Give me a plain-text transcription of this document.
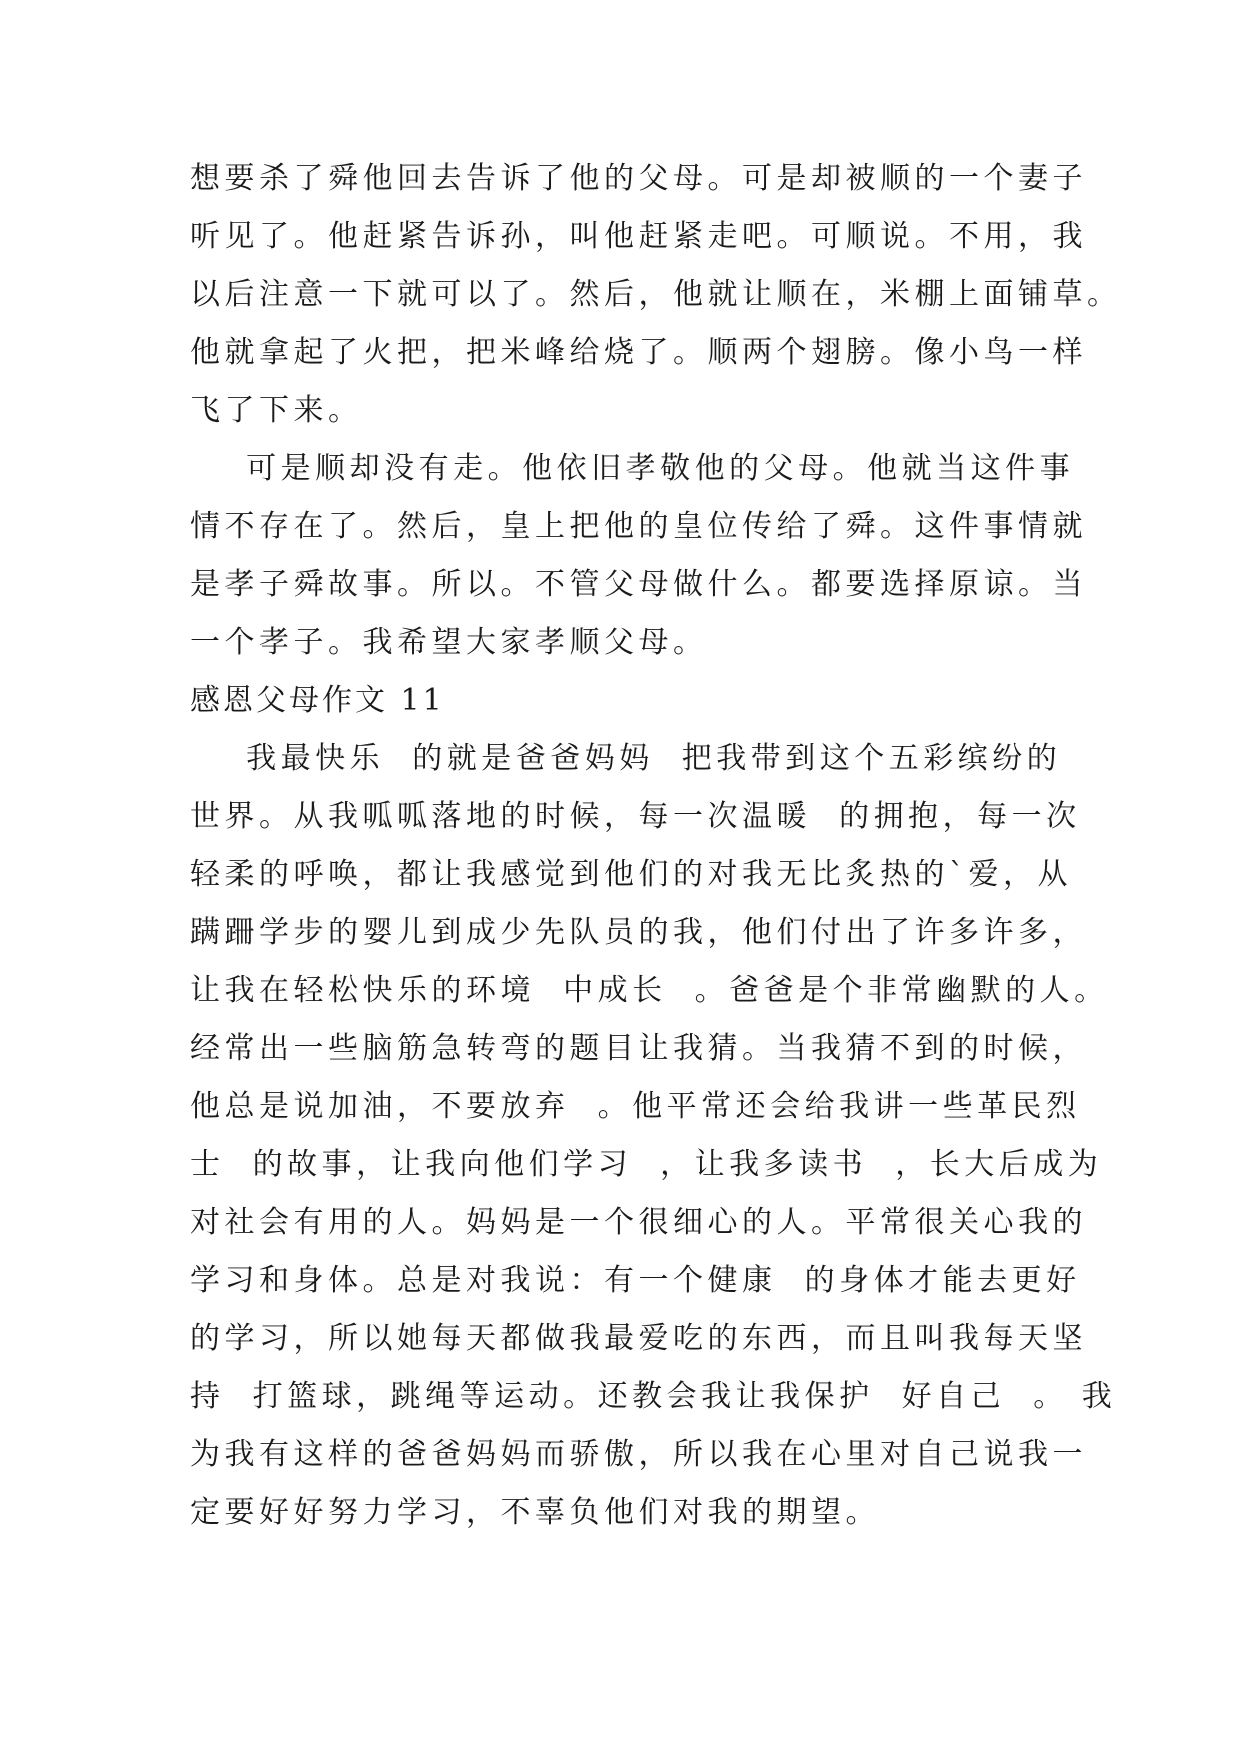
想要杀了舜他回去告诉了他的父母。可是却被顺的一个妻子
听见了。他赶紧告诉孙，叫他赶紧走吧。可顺说。不用，我
以后注意一下就可以了。然后，他就让顺在，米棚上面铺草。
他就拿起了火把，把米峰给烧了。顺两个翅膀。像小鸟一样
飞了下来。
可是顺却没有走。他依旧孝敬他的父母。他就当这件事
情不存在了。然后，皇上把他的皇位传给了舜。这件事情就
是孝子舜故事。所以。不管父母做什么。都要选择原谅。当
一个孝子。我希望大家孝顺父母。
感恩父母作文 11
我最快乐  的就是爸爸妈妈  把我带到这个五彩缤纷的
世界。从我呱呱落地的时候，每一次温暖  的拥抱，每一次
轻柔的呼唤，都让我感觉到他们的对我无比炙热的`爱，从
蹒跚学步的婴儿到成少先队员的我，他们付出了许多许多，
让我在轻松快乐的环境  中成长  。爸爸是个非常幽默的人。
经常出一些脑筋急转弯的题目让我猜。当我猜不到的时候，
他总是说加油，不要放弃  。他平常还会给我讲一些革民烈
士  的故事，让我向他们学习  ，让我多读书  ，长大后成为
对社会有用的人。妈妈是一个很细心的人。平常很关心我的
学习和身体。总是对我说：有一个健康  的身体才能去更好
的学习，所以她每天都做我最爱吃的东西，而且叫我每天坚
持  打篮球，跳绳等运动。还教会我让我保护  好自己  。 我
为我有这样的爸爸妈妈而骄傲，所以我在心里对自己说我一
定要好好努力学习，不辜负他们对我的期望。
